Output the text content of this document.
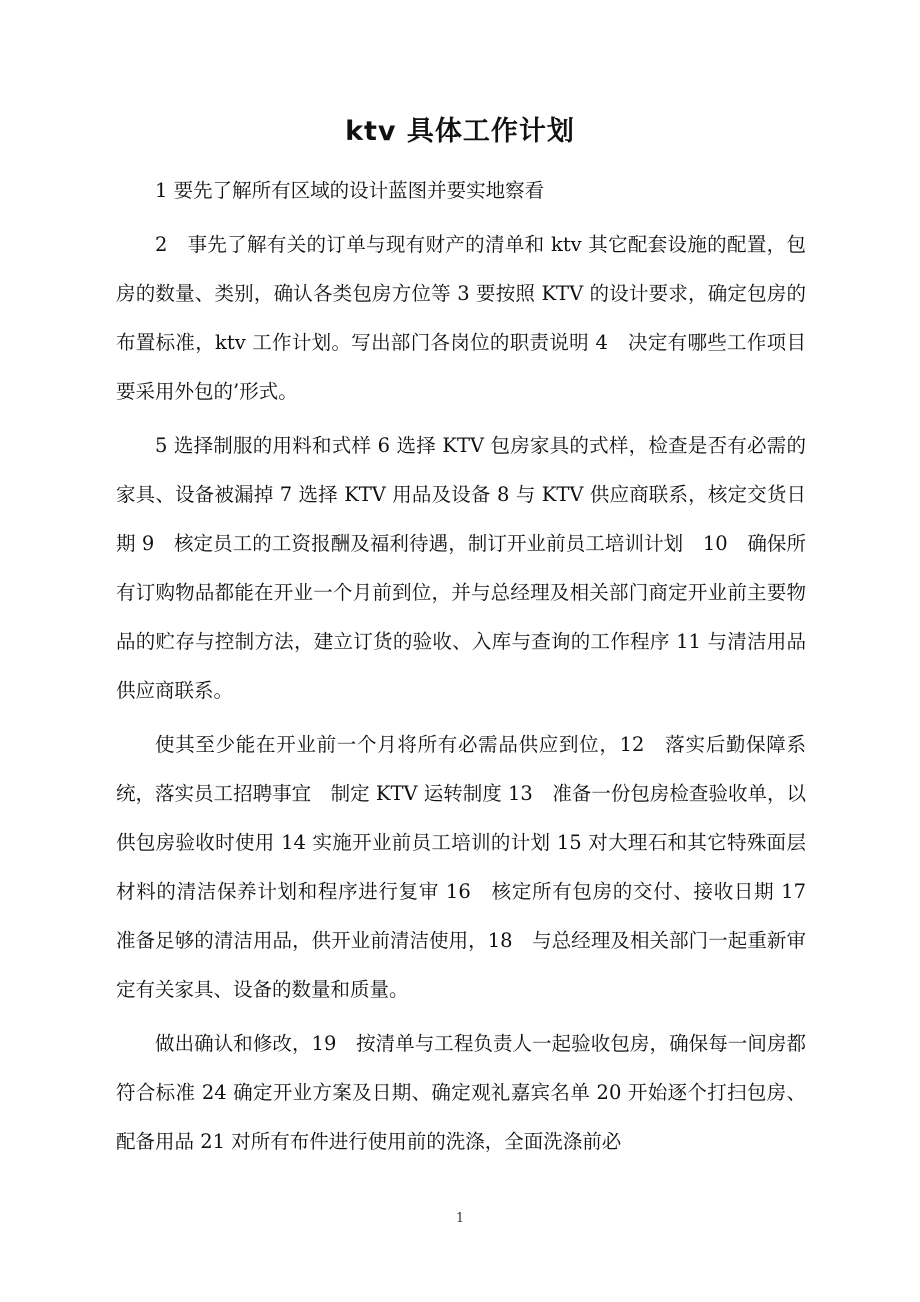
ktv 具体工作计划

1 要先了解所有区域的设计蓝图并要实地察看

2　事先了解有关的订单与现有财产的清单和 ktv 其它配套设施的配置，包房的数量、类别，确认各类包房方位等 3 要按照 KTV 的设计要求，确定包房的布置标准，ktv 工作计划。写出部门各岗位的职责说明 4　决定有哪些工作项目要采用外包的’形式。

5 选择制服的用料和式样 6 选择 KTV 包房家具的式样，检查是否有必需的家具、设备被漏掉 7 选择 KTV 用品及设备 8 与 KTV 供应商联系，核定交货日期 9　核定员工的工资报酬及福利待遇，制订开业前员工培训计划　10　确保所有订购物品都能在开业一个月前到位，并与总经理及相关部门商定开业前主要物品的贮存与控制方法，建立订货的验收、入库与查询的工作程序 11 与清洁用品供应商联系。

使其至少能在开业前一个月将所有必需品供应到位，12　落实后勤保障系统，落实员工招聘事宜　制定 KTV 运转制度 13　准备一份包房检查验收单，以供包房验收时使用 14 实施开业前员工培训的计划 15 对大理石和其它特殊面层材料的清洁保养计划和程序进行复审 16　核定所有包房的交付、接收日期 17　准备足够的清洁用品，供开业前清洁使用，18　与总经理及相关部门一起重新审定有关家具、设备的数量和质量。

做出确认和修改，19　按清单与工程负责人一起验收包房，确保每一间房都符合标准 24 确定开业方案及日期、确定观礼嘉宾名单 20 开始逐个打扫包房、配备用品 21 对所有布件进行使用前的洗涤，全面洗涤前必

1
